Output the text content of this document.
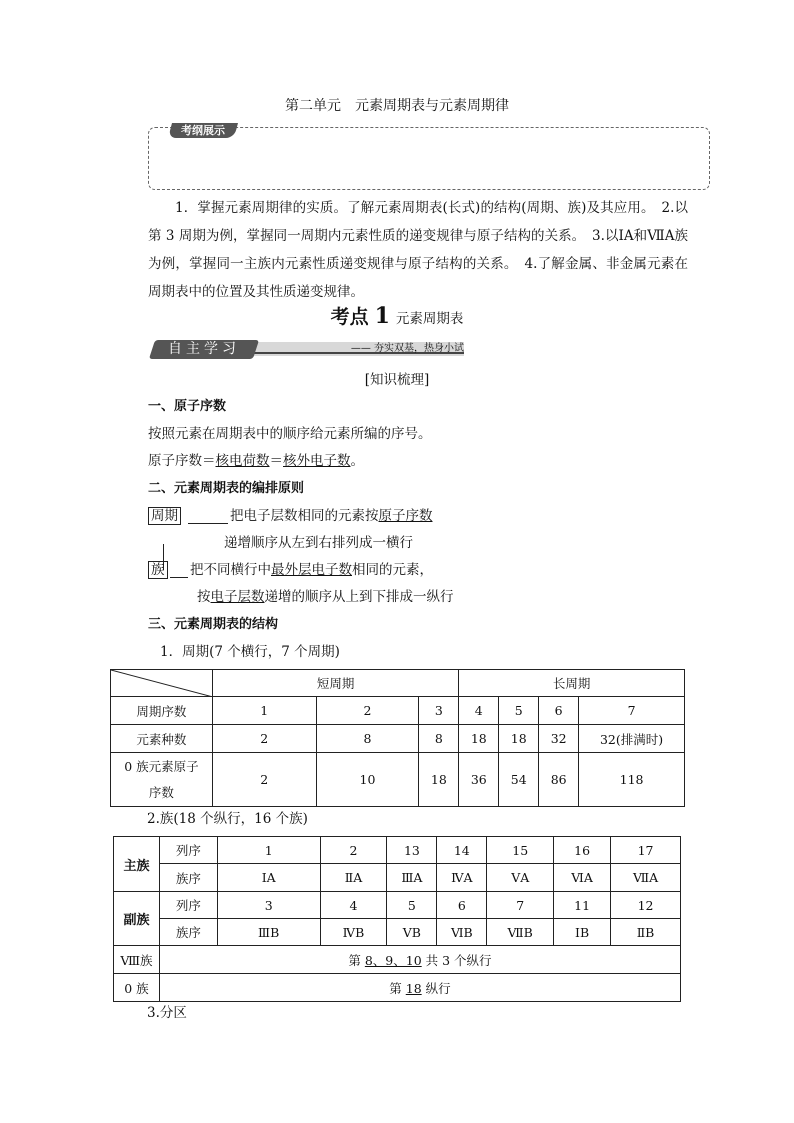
第二单元　元素周期表与元素周期律
考纲展示

1．掌握元素周期律的实质。了解元素周期表(长式)的结构(周期、族)及其应用。　2.以第 3 周期为例，掌握同一周期内元素性质的递变规律与原子结构的关系。　3.以ⅠA和ⅦA族为例，掌握同一主族内元素性质递变规律与原子结构的关系。　4.了解金属、非金属元素在周期表中的位置及其性质递变规律。

考点 1 元素周期表
自主学习	—— 夯实双基，热身小试
[知识梳理]
一、原子序数
按照元素在周期表中的顺序给元素所编的序号。
原子序数＝核电荷数＝核外电子数。
二、元素周期表的编排原则
周期	把电子层数相同的元素按原子序数
递增顺序从左到右排列成一横行
族 把不同横行中最外层电子数相同的元素，
按电子层数递增的顺序从上到下排成一纵行
三、元素周期表的结构
1．周期(7 个横行，7 个周期)
	短周期			长周期			
周期序数	1	2	3	4	5	6	7
元素种数	2	8	8	18	18	32	32(排满时)
0 族元素原子序数	2	10	18	36	54	86	118
2.族(18 个纵行，16 个族)
主族	列序	1	2	13	14	15	16	17
	族序	ⅠA	ⅡA	ⅢA	ⅣA	ⅤA	ⅥA	ⅦA
副族	列序	3	4	5	6	7	11	12
	族序	ⅢB	ⅣB	ⅤB	ⅥB	ⅦB	ⅠB	ⅡB
Ⅷ族	第 8、9、10 共 3 个纵行							
0 族	第 18 纵行							
3.分区
